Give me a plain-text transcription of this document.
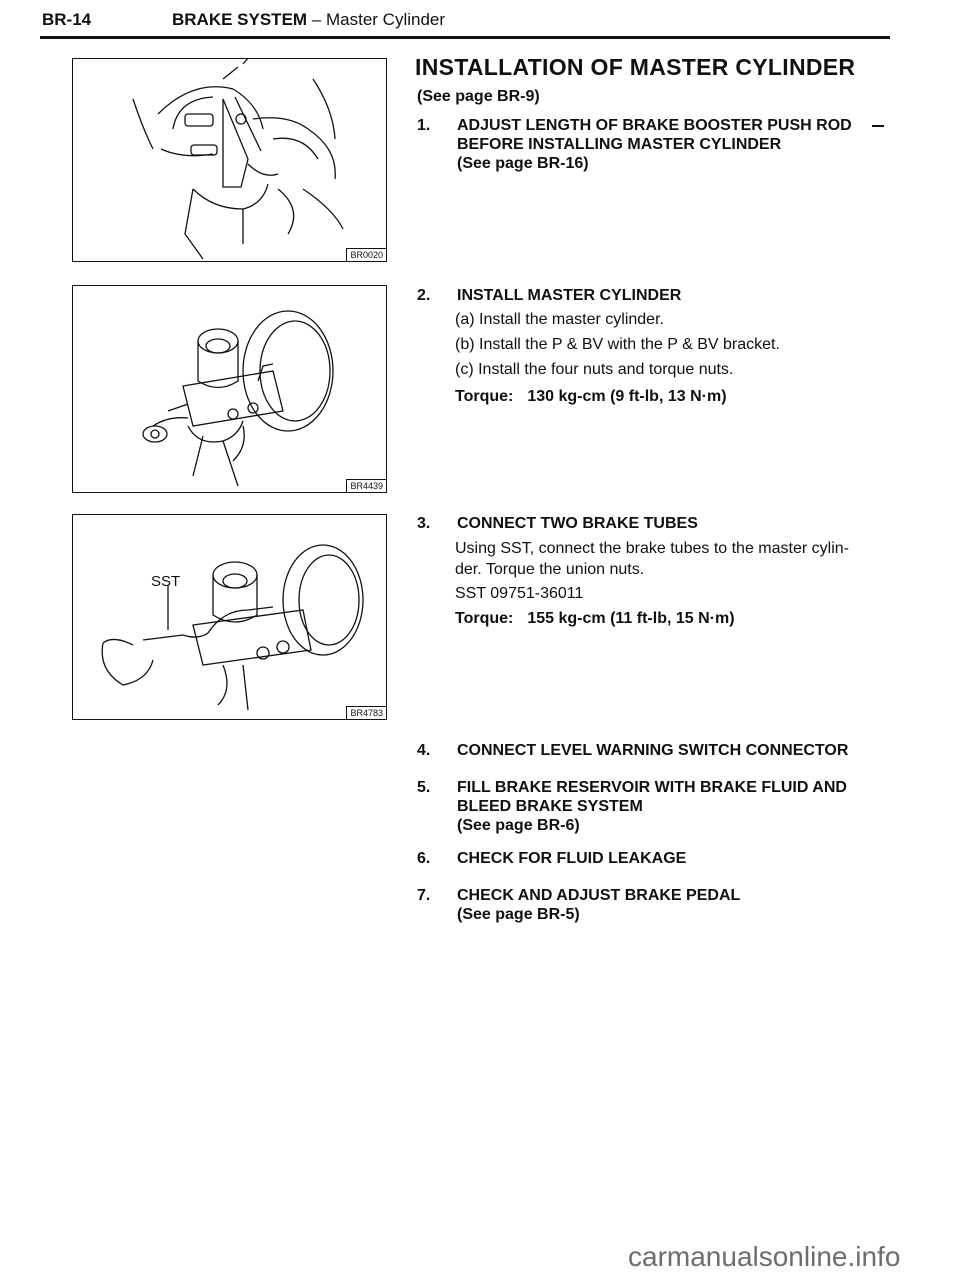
BR-14	BRAKE SYSTEM – Master Cylinder
BR0020
BR4439
SST
BR4783
INSTALLATION OF MASTER CYLINDER
(See page BR-9)
1. ADJUST LENGTH OF BRAKE BOOSTER PUSH ROD
BEFORE INSTALLING MASTER CYLINDER
(See page BR-16)
2. INSTALL MASTER CYLINDER
(a) Install the master cylinder.
(b) Install the P & BV with the P & BV bracket.
(c) Install the four nuts and torque nuts.
Torque: 130 kg-cm (9 ft-lb, 13 N·m)
3. CONNECT TWO BRAKE TUBES
Using SST, connect the brake tubes to the master cylin-
der. Torque the union nuts.
SST 09751-36011
Torque: 155 kg-cm (11 ft-lb, 15 N·m)
4. CONNECT LEVEL WARNING SWITCH CONNECTOR
5. FILL BRAKE RESERVOIR WITH BRAKE FLUID AND
BLEED BRAKE SYSTEM
(See page BR-6)
6. CHECK FOR FLUID LEAKAGE
7. CHECK AND ADJUST BRAKE PEDAL
(See page BR-5)
carmanualsonline.info
